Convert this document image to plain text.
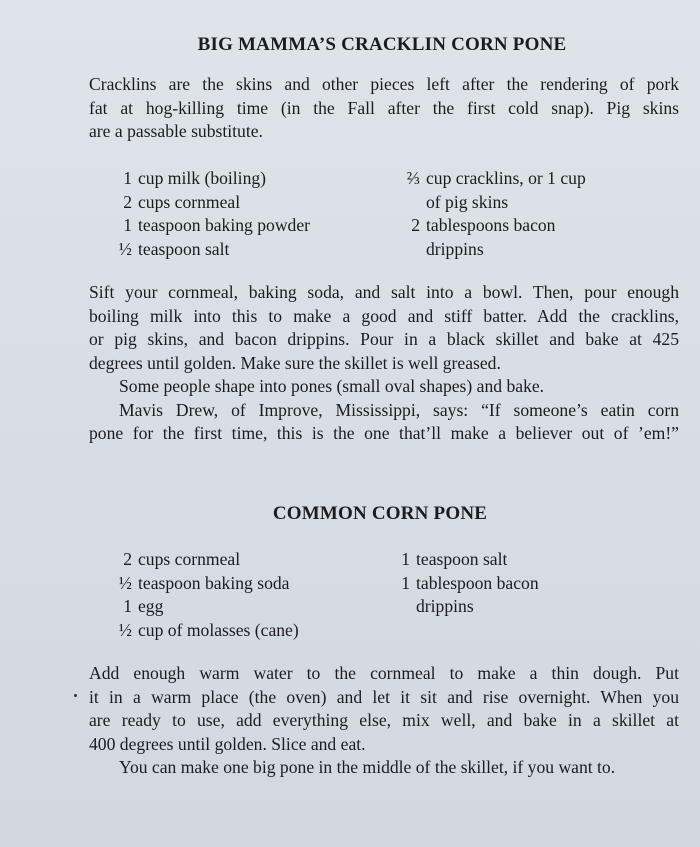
BIG MAMMA’S CRACKLIN CORN PONE
Cracklins are the skins and other pieces left after the rendering of pork
fat at hog-killing time (in the Fall after the first cold snap). Pig skins
are a passable substitute.
1 cup milk (boiling)
2 cups cornmeal
1 teaspoon baking powder
½ teaspoon salt
⅔ cup cracklins, or 1 cup
of pig skins
2 tablespoons bacon
drippins
Sift your cornmeal, baking soda, and salt into a bowl. Then, pour enough
boiling milk into this to make a good and stiff batter. Add the cracklins,
or pig skins, and bacon drippins. Pour in a black skillet and bake at 425
degrees until golden. Make sure the skillet is well greased.
Some people shape into pones (small oval shapes) and bake.
Mavis Drew, of Improve, Mississippi, says: “If someone’s eatin corn
pone for the first time, this is the one that’ll make a believer out of ’em!”
COMMON CORN PONE
2 cups cornmeal
½ teaspoon baking soda
1 egg
½ cup of molasses (cane)
1 teaspoon salt
1 tablespoon bacon
drippins
Add enough warm water to the cornmeal to make a thin dough. Put
it in a warm place (the oven) and let it sit and rise overnight. When you
are ready to use, add everything else, mix well, and bake in a skillet at
400 degrees until golden. Slice and eat.
You can make one big pone in the middle of the skillet, if you want to.
